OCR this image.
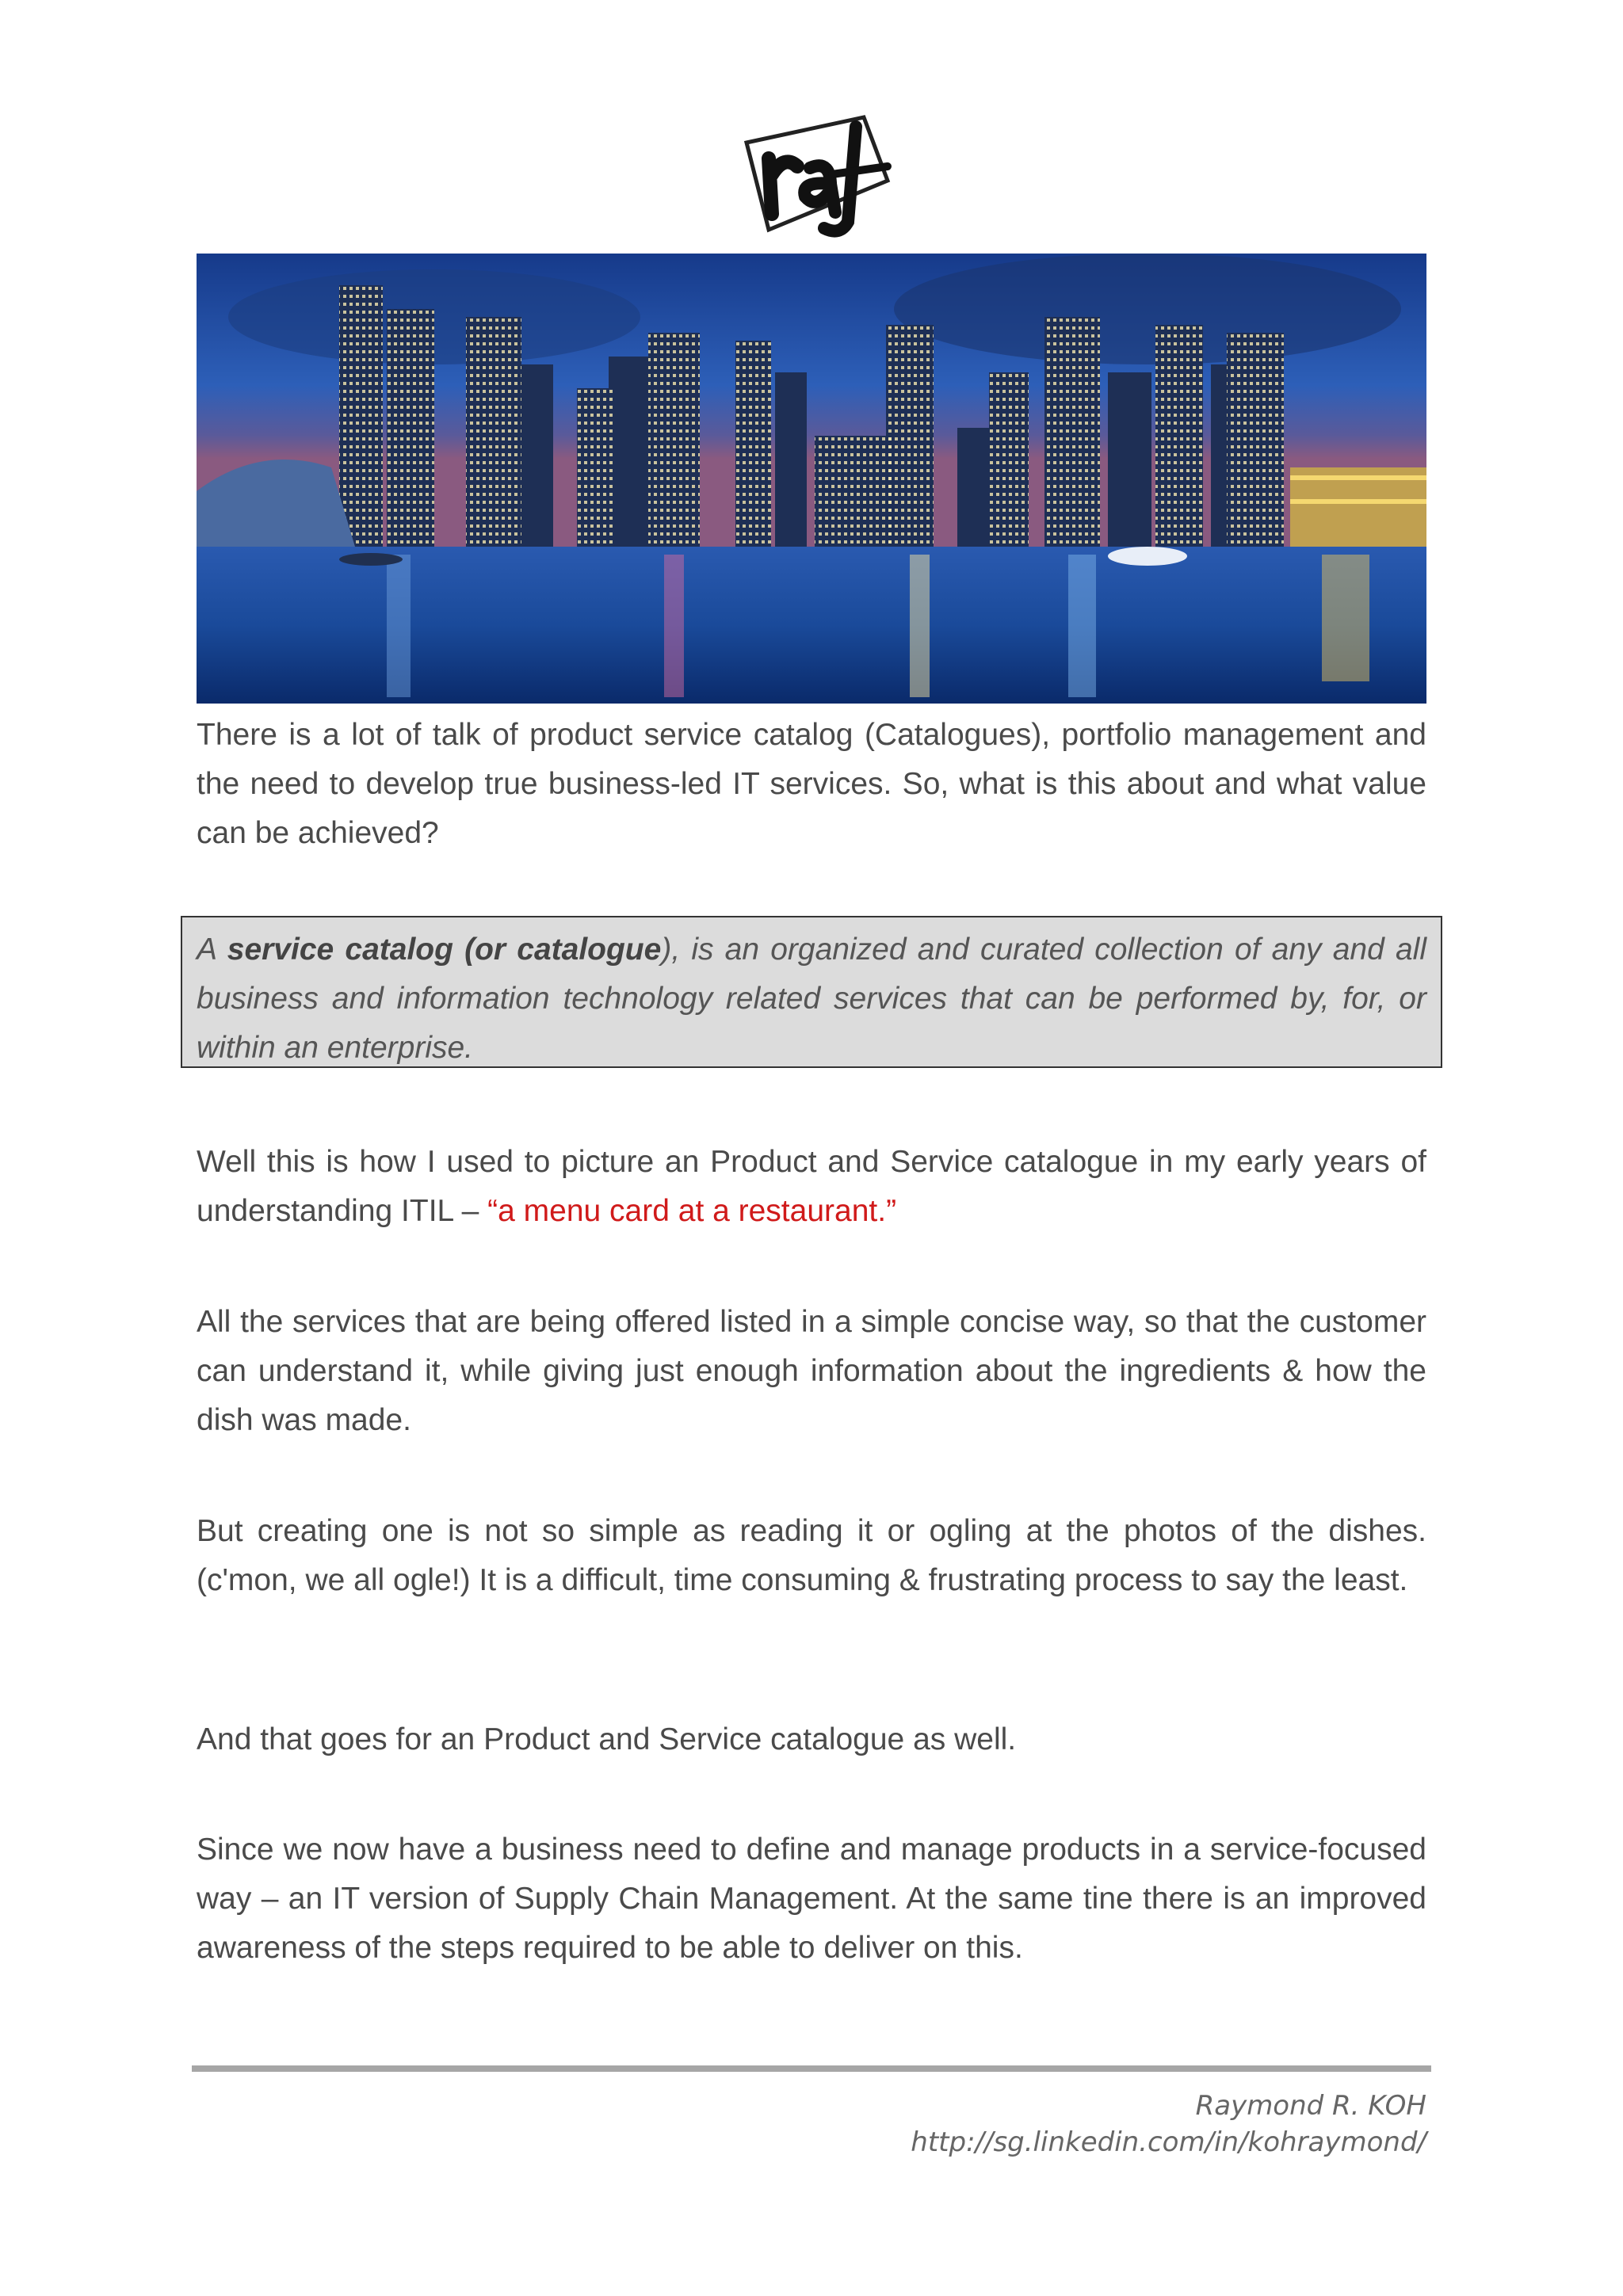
There is a lot of talk of product service catalog (Catalogues), portfolio management and the need to develop true business-led IT services. So, what is this about and what value can be achieved?

A service catalog (or catalogue), is an organized and curated collection of any and all business and information technology related services that can be performed by, for, or within an enterprise.

Well this is how I used to picture an Product and Service catalogue in my early years of understanding ITIL – “a menu card at a restaurant.”

All the services that are being offered listed in a simple concise way, so that the customer can understand it, while giving just enough information about the ingredients & how the dish was made.

But creating one is not so simple as reading it or ogling at the photos of the dishes.(c'mon, we all ogle!) It is a difficult, time consuming & frustrating process to say the least.

And that goes for an Product and Service catalogue as well.

Since we now have a business need to define and manage products in a service-focused way – an IT version of Supply Chain Management. At the same tine there is an improved awareness of the steps required to be able to deliver on this.

Raymond R. KOH
http://sg.linkedin.com/in/kohraymond/
